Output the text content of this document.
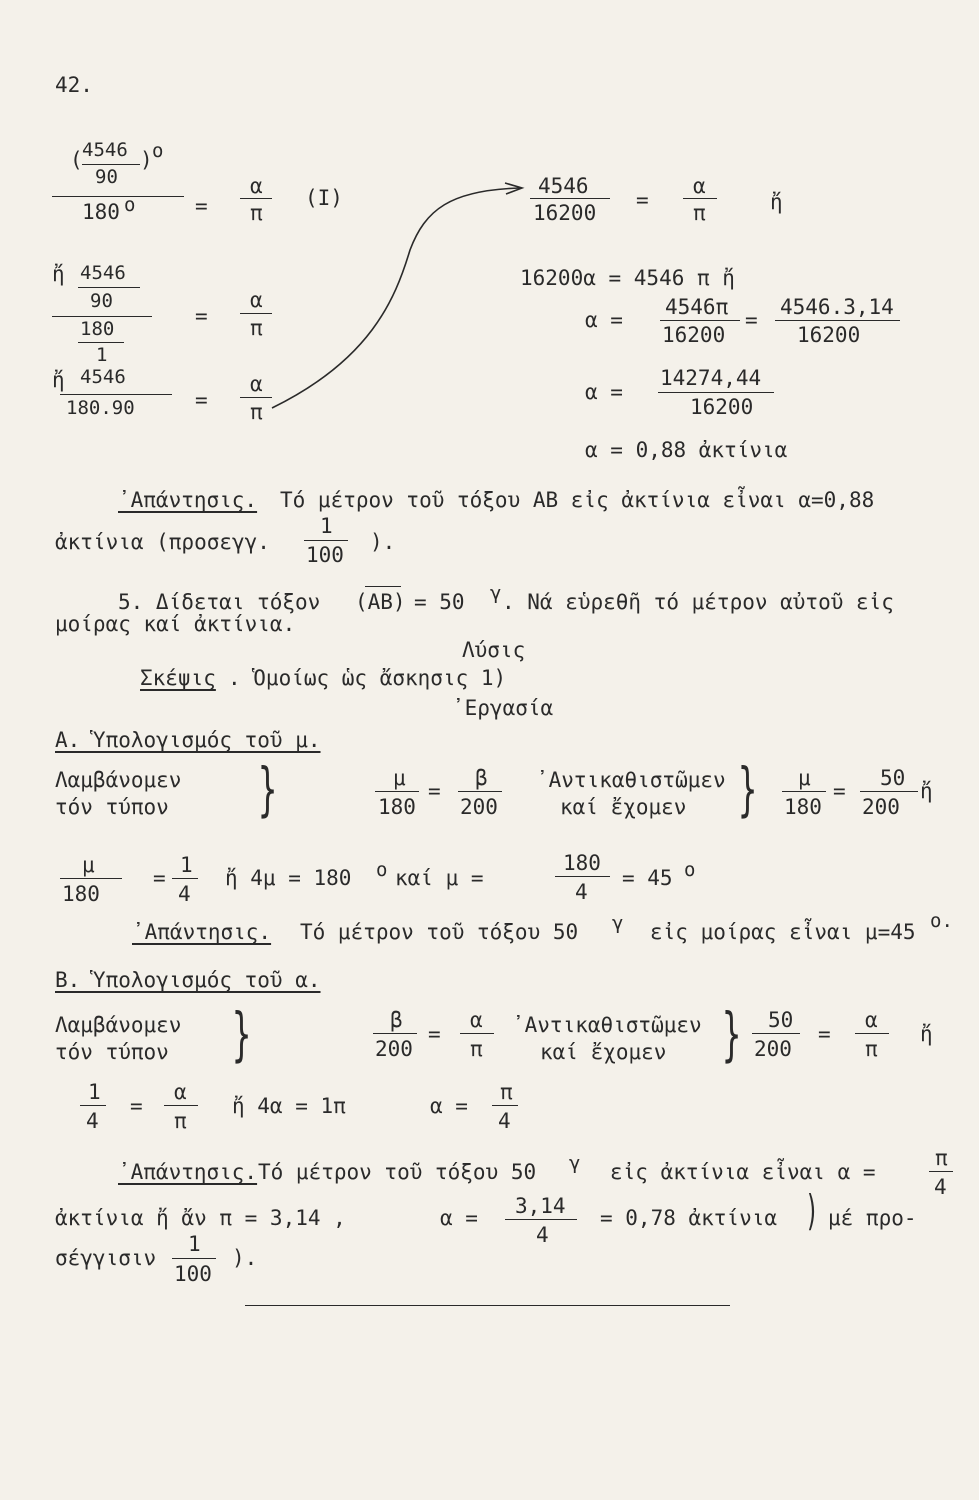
42.
( 4546
90
) o
180 o	=
α
π
(I)
ἤ 4546
90
180
1
=
α
π
ἤ 4546
180.90	=
α
π
4546
16200
=
α
π	ἤ
16200α = 4546 π ἤ
α =
4546π
16200
=
4546.3,14
16200
α =
14274,44
16200
α = 0,88 ἀκτίνια
᾿Απάντησις. Τό μέτρον τοῦ τόξου ΑΒ εἰς ἀκτίνια εἶναι α=0,88
ἀκτίνια (προσεγγ.
1
100
).
5. Δίδεται τόξον (ΑΒ) = 50 γ . Νά εὑρεθῆ τό μέτρον αὐτοῦ εἰς
μοίρας καί ἀκτίνια.
Λύσις
Σκέψις . Ὁμοίως ὡς ἄσκησις 1)
᾿Εργασία
Α. Ὑπολογισμός τοῦ μ.
Λαμβάνομεν
τόν τύπον }	μ
180
=
β
200
᾿Αντικαθιστῶμεν
καί ἔχομεν } μ
180
=
50
200
ἤ
μ
180
=
1
4
ἤ 4μ = 180 o καί μ =
180
4
= 45 o
᾿Απάντησις. Τό μέτρον τοῦ τόξου 50 γ εἰς μοίρας εἶναι μ=45 o.
Β. Ὑπολογισμός τοῦ α.
Λαμβάνομεν
τόν τύπον }	β
200
=
α
π
᾿Αντικαθιστῶμεν
καί ἔχομεν } 50
200
=
α
π
ἤ
1
4
=
α
π
ἤ 4α = 1π	α =
π
4
᾿Απάντησις. Τό μέτρον τοῦ τόξου 50 γ εἰς ἀκτίνια εἶναι α =
π
4
ἀκτίνια ἤ ἄν π = 3,14 ,	α = 3,14
4
= 0,78 ἀκτίνια ) μέ προ-
σέγγισιν
1
100
).
